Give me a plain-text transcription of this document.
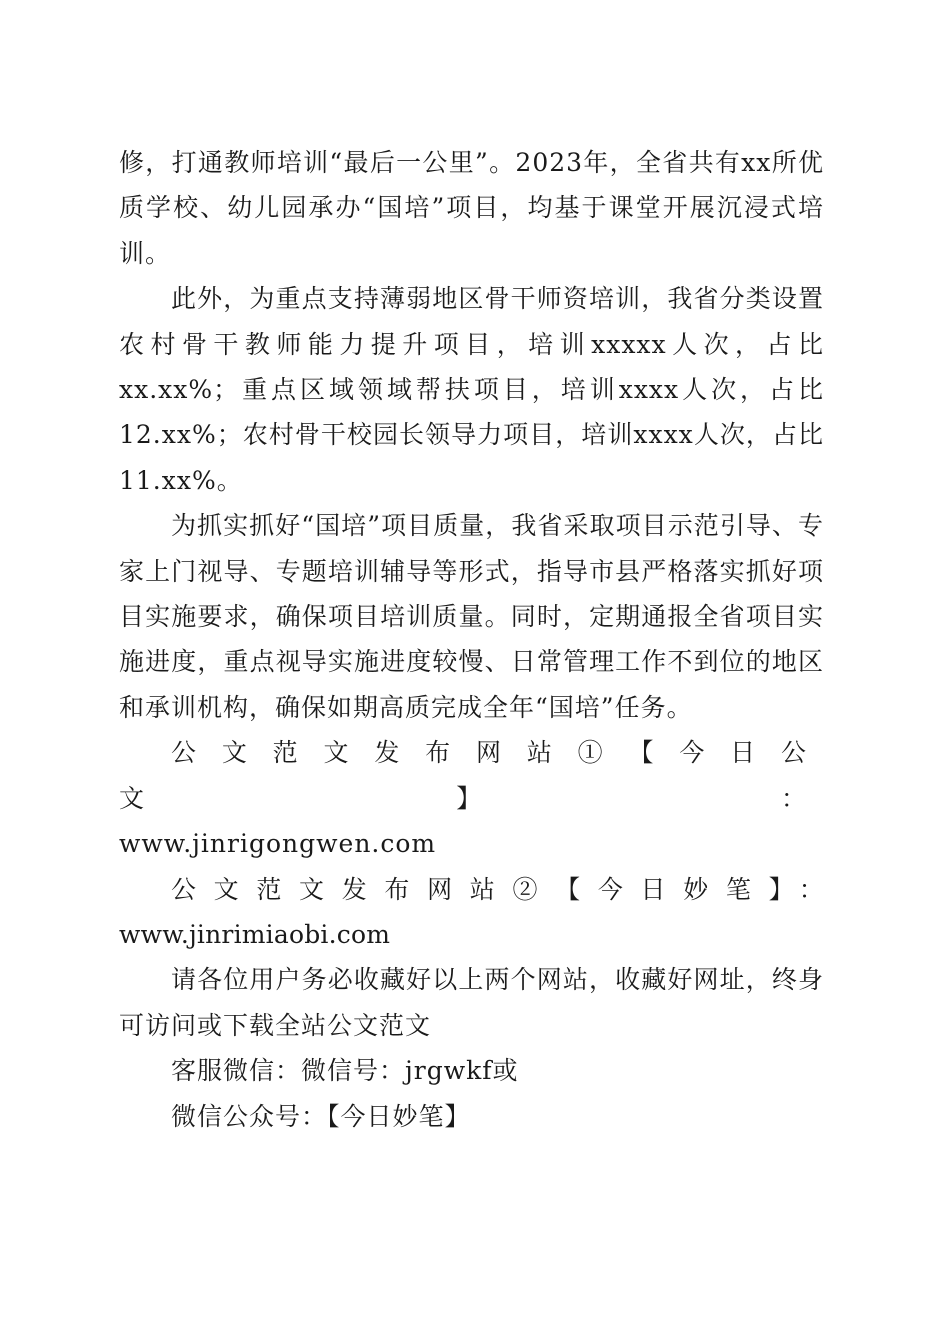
修，打通教师培训“最后一公里”。2023年，全省共有xx所优质学校、幼儿园承办“国培”项目，均基于课堂开展沉浸式培训。

此外，为重点支持薄弱地区骨干师资培训，我省分类设置农村骨干教师能力提升项目，培训xxxxx人次，占比xx.xx%；重点区域领域帮扶项目，培训xxxx人次，占比12.xx%；农村骨干校园长领导力项目，培训xxxx人次，占比11.xx%。

为抓实抓好“国培”项目质量，我省采取项目示范引导、专家上门视导、专题培训辅导等形式，指导市县严格落实抓好项目实施要求，确保项目培训质量。同时，定期通报全省项目实施进度，重点视导实施进度较慢、日常管理工作不到位的地区和承训机构，确保如期高质完成全年“国培”任务。

公文范文发布网站①【今日公文】：

www.jinrigongwen.com

公文范文发布网站②【今日妙笔】：www.jinrimiaobi.com

请各位用户务必收藏好以上两个网站，收藏好网址，终身可访问或下载全站公文范文

客服微信：微信号：jrgwkf或

微信公众号：【今日妙笔】
